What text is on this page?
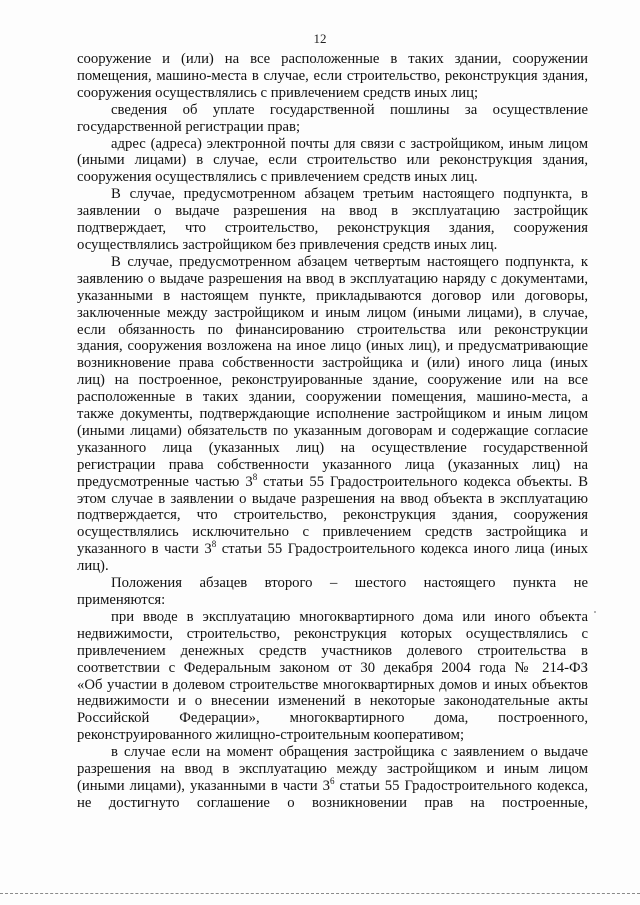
12

сооружение и (или) на все расположенные в таких здании, сооружении

помещения, машино-места в случае, если строительство, реконструкция здания,

сооружения осуществлялись с привлечением средств иных лиц;

сведения об уплате государственной пошлины за осуществление

государственной регистрации прав;

адрес (адреса) электронной почты для связи с застройщиком, иным лицом

(иными лицами) в случае, если строительство или реконструкция здания,

сооружения осуществлялись с привлечением средств иных лиц.

В случае, предусмотренном абзацем третьим настоящего подпункта, в

заявлении о выдаче разрешения на ввод в эксплуатацию застройщик

подтверждает, что строительство, реконструкция здания, сооружения

осуществлялись застройщиком без привлечения средств иных лиц.

В случае, предусмотренном абзацем четвертым настоящего подпункта, к

заявлению о выдаче разрешения на ввод в эксплуатацию наряду с документами,

указанными в настоящем пункте, прикладываются договор или договоры,

заключенные между застройщиком и иным лицом (иными лицами), в случае,

если обязанность по финансированию строительства или реконструкции

здания, сооружения возложена на иное лицо (иных лиц), и предусматривающие

возникновение права собственности застройщика и (или) иного лица (иных

лиц) на построенное, реконструированные здание, сооружение или на все

расположенные в таких здании, сооружении помещения, машино-места, а

также документы, подтверждающие исполнение застройщиком и иным лицом

(иными лицами) обязательств по указанным договорам и содержащие согласие

указанного лица (указанных лиц) на осуществление государственной

регистрации права собственности указанного лица (указанных лиц) на

предусмотренные частью $3^8$ статьи 55 Градостроительного кодекса объекты. В

этом случае в заявлении о выдаче разрешения на ввод объекта в эксплуатацию

подтверждается, что строительство, реконструкция здания, сооружения

осуществлялись исключительно с привлечением средств застройщика и

указанного в части $3^8$ статьи 55 Градостроительного кодекса иного лица (иных

лиц).

Положения абзацев второго – шестого настоящего пункта не

применяются:

при вводе в эксплуатацию многоквартирного дома или иного объекта

недвижимости, строительство, реконструкция которых осуществлялись с

привлечением денежных средств участников долевого строительства в

соответствии с Федеральным законом от 30 декабря 2004 года № 214-ФЗ

«Об участии в долевом строительстве многоквартирных домов и иных объектов

недвижимости и о внесении изменений в некоторые законодательные акты

Российской Федерации», многоквартирного дома, построенного,

реконструированного жилищно-строительным кооперативом;

в случае если на момент обращения застройщика с заявлением о выдаче

разрешения на ввод в эксплуатацию между застройщиком и иным лицом

(иными лицами), указанными в части $3^6$ статьи 55 Градостроительного кодекса,

не достигнуто соглашение о возникновении прав на построенные,
